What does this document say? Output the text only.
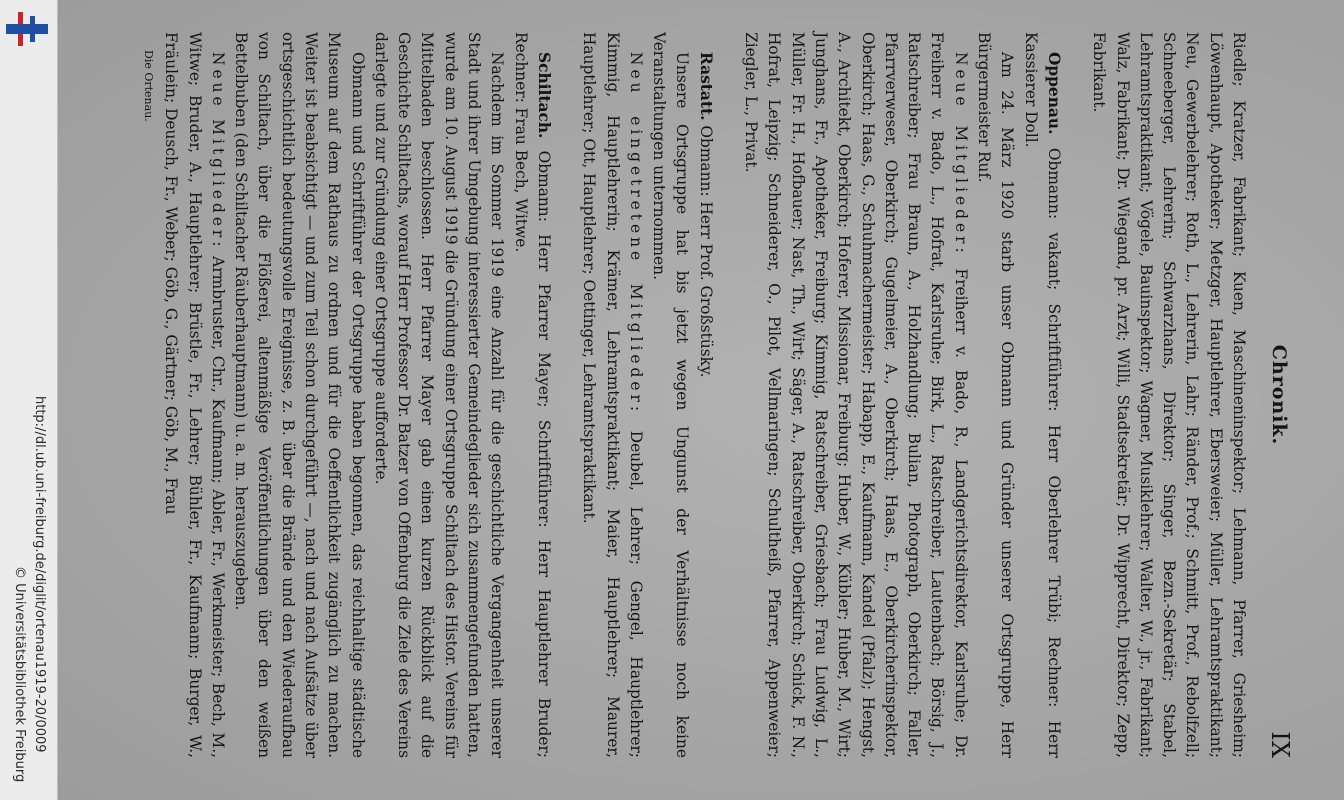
http://dl.ub.uni-freiburg.de/diglit/ortenau1919-20/0009
© Universitätsbibliothek Freiburg
Chronik.
IX

Riedle; Kratzer, Fabrikant; Kuen, Maschineninspektor; Lehmann, Pfarrer, Griesheim; Löwenhaupt, Apotheker; Metzger, Hauptlehrer, Ebersweier; Müller, Lehramtspraktikant; Neu, Gewerbelehrer; Roth, L., Lehrerin, Lahr; Ränder, Prof.; Schmitt, Prof., Rebolfzell; Schneeberger, Lehrerin; Schwarzhans, Direktor; Singer, Bezn.-Sekretär; Stabel, Lehramtspraktikant; Vögele, Bauinspektor; Wagner, Musiklehrer; Walter, W., jr., Fabrikant; Walz, Fabrikant; Dr. Wiegand, pr. Arzt; Willi, Stadtsekretär; Dr. Wipprecht, Direktor; Zepp, Fabrikant.

Oppenau. Obmann: vakant; Schriftführer: Herr Oberlehrer Trübi; Rechner: Herr Kassierer Doll.

Am 24. März 1920 starb unser Obmann und Gründer unserer Ortsgruppe, Herr Bürgermeister Ruf.

Neue Mitglieder: Freiherr v. Bado, R., Landgerichtsdirektor, Karlsruhe; Dr. Freiherr v. Bado, L., Hofrat, Karlsruhe; Birk, L., Ratschreiber, Lautenbach; Börsig, J., Ratschreiber; Frau Braun, A., Holzhandlung; Bulian, Photograph, Oberkirch; Faller, Pfarrverweser, Oberkirch; Gugelmeier, A., Oberkirch; Haas, E., Oberkircherinspektor, Oberkirch; Haas, G., Schuhmachermeister; Habapp, E., Kaufmann, Kandel (Pfalz); Hengst, A., Architekt, Oberkirch; Hoferer, Missionar, Freiburg; Huber, W., Kübler; Huber, M., Wirt; Junghans, Fr., Apotheker, Freiburg; Kimmig, Ratschreiber, Griesbach; Frau Ludwig, L., Müller, Fr. H., Hofbauer; Nast, Th., Wirt; Säger, A., Ratschreiber, Oberkirch; Schick, F. N., Hofrat, Leipzig; Schneiderer, O., Pilot, Vellmaringen; Schultheiß, Pfarrer, Appenweier; Ziegler, L., Privat.

Rastatt. Obmann: Herr Prof. Großstüsky.

Unsere Ortsgruppe hat bis jetzt wegen Ungunst der Verhältnisse noch keine Veranstaltungen unternommen.

Neu eingetretene Mitglieder: Deubel, Lehrer; Gengel, Hauptlehrer; Kimmig, Hauptlehrerin; Krämer, Lehramtspraktikant; Maier, Hauptlehrer; Maurer, Hauptlehrer; Ott, Hauptlehrer; Oettinger, Lehramtspraktikant.

Schiltach. Obmann: Herr Pfarrer Mayer; Schriftführer: Herr Hauptlehrer Bruder; Rechner: Frau Bech, Witwe.

Nachdem im Sommer 1919 eine Anzahl für die geschichtliche Vergangenheit unserer Stadt und ihrer Umgebung interessierter Gemeindeglieder sich zusammengefunden hatten, wurde am 10. August 1919 die Gründung einer Ortsgruppe Schiltach des Histor. Vereins für Mittelbaden beschlossen. Herr Pfarrer Mayer gab einen kurzen Rückblick auf die Geschichte Schiltachs, worauf Herr Professor Dr. Batzer von Offenburg die Ziele des Vereins darlegte und zur Gründung einer Ortsgruppe aufforderte.

Obmann und Schriftführer der Ortsgruppe haben begonnen, das reichhaltige städtische Museum auf dem Rathaus zu ordnen und für die Oeffentlichkeit zugänglich zu machen. Weiter ist beabsichtigt — und zum Teil schon durchgeführt —, nach und nach Aufsätze über ortsgeschichtlich bedeutungsvolle Ereignisse, z. B. über die Brände und den Wiederaufbau von Schiltach, über die Flößerei, altenmäßige Veröffentlichungen über den weißen Bettelbuben (den Schiltacher Räuberhauptmann) u. a. m. herauszugeben.

Neue Mitglieder: Armbruster, Chr., Kaufmann; Abler, Fr., Werkmeister; Bech, M., Witwe; Bruder, A., Hauptlehrer; Brüstle, Fr., Lehrer; Bühler, Fr., Kaufmann; Burger, W., Fräulein; Deusch, Fr., Weber; Göb, G., Gärtner; Göb, M., Frau

Die Ortenau.
